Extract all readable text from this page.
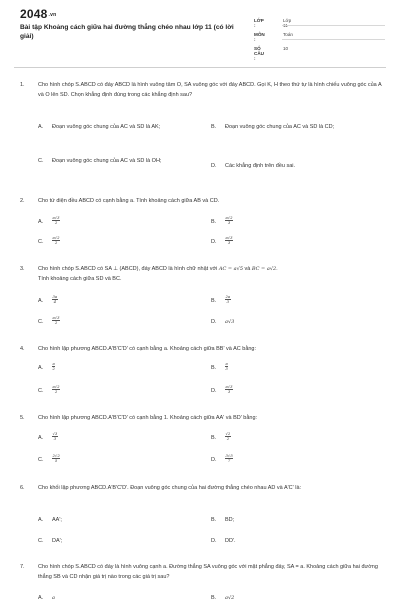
2048.vn
Bài tập Khoảng cách giữa hai đường thẳng chéo nhau lớp 11 (có lời giải)
LỚP :
Lớp 11
MÔN :
Toán
SỐ CÂU :
10
1. Cho hình chóp S.ABCD có đáy ABCD là hình vuông tâm O, SA vuông góc với đáy ABCD. Gọi K, H theo thứ tự là hình chiếu vuông góc của A và O lên SD. Chọn khẳng định đúng trong các khẳng định sau?
A. Đoạn vuông góc chung của AC và SD là AK;	B. Đoạn vuông góc chung của AC và SD là CD;
C. Đoạn vuông góc chung của AC và SD là OH;
D. Các khẳng định trên đều sai.
2. Cho tứ diện đều ABCD có cạnh bằng a. Tính khoảng cách giữa AB và CD.
A. $\frac{a√3}{2}$	B. $\frac{a√2}{3}$
C. $\frac{a√2}{2}$	D. $\frac{a√3}{3}$
3. Cho hình chóp S.ABCD có SA ⊥ (ABCD), đáy ABCD là hình chữ nhật với AC = a√5 và BC = a√2.
Tính khoảng cách giữa SD và BC.
A. $\frac{3a}{4}$	B. $\frac{2a}{3}$
C. $\frac{a√3}{2}$	D. a√3
4. Cho hình lập phương ABCD.A'B'C'D' có cạnh bằng a. Khoảng cách giữa BB' và AC bằng:
A. $\frac{a}{2}$	B. $\frac{a}{3}$
C. $\frac{a√2}{2}$	D. $\frac{a√3}{3}$
5. Cho hình lập phương ABCD.A'B'C'D' có cạnh bằng 1. Khoảng cách giữa AA' và BD' bằng:
A. $\frac{√3}{3}$	B. $\frac{√2}{2}$
C. $\frac{2√2}{5}$	D. $\frac{3√5}{7}$
6. Cho khối lập phương ABCD.A'B'C'D'. Đoạn vuông góc chung của hai đường thẳng chéo nhau AD và A'C' là:
A. AA';	B. BD;
C. DA';	D. DD'.
7. Cho hình chóp S.ABCD có đáy là hình vuông cạnh a. Đường thẳng SA vuông góc với mặt phẳng đáy, SA = a. Khoảng cách giữa hai đường thẳng SB và CD nhận giá trị nào trong các giá trị sau?
A. a	B. a√2
